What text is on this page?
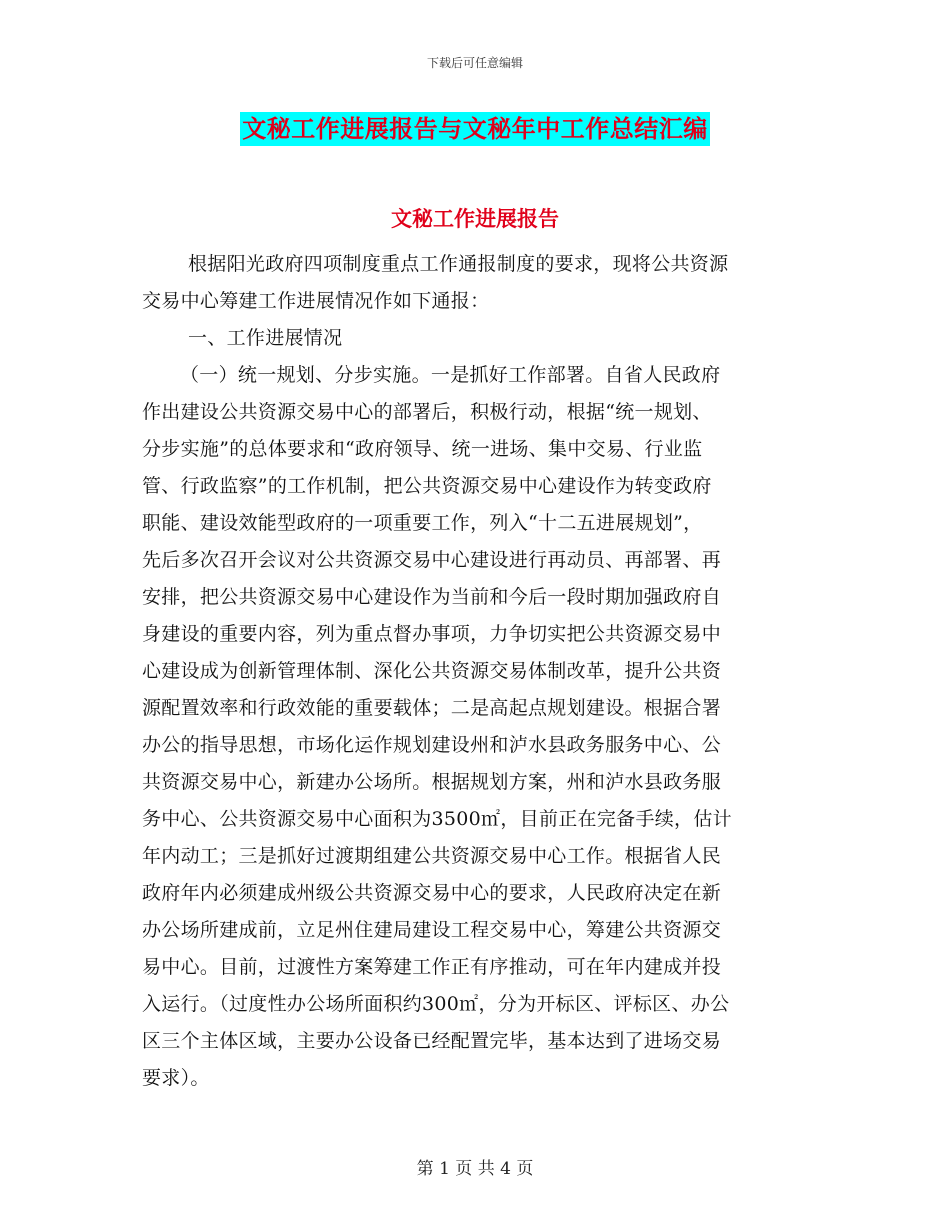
下载后可任意编辑
文秘工作进展报告与文秘年中工作总结汇编
文秘工作进展报告
根据阳光政府四项制度重点工作通报制度的要求，现将公共资源
交易中心筹建工作进展情况作如下通报：
一、工作进展情况
（一）统一规划、分步实施。一是抓好工作部署。自省人民政府
作出建设公共资源交易中心的部署后，积极行动，根据“统一规划、
分步实施”的总体要求和“政府领导、统一进场、集中交易、行业监
管、行政监察”的工作机制，把公共资源交易中心建设作为转变政府
职能、建设效能型政府的一项重要工作，列入“十二五进展规划”，
先后多次召开会议对公共资源交易中心建设进行再动员、再部署、再
安排，把公共资源交易中心建设作为当前和今后一段时期加强政府自
身建设的重要内容，列为重点督办事项，力争切实把公共资源交易中
心建设成为创新管理体制、深化公共资源交易体制改革，提升公共资
源配置效率和行政效能的重要载体；二是高起点规划建设。根据合署
办公的指导思想，市场化运作规划建设州和泸水县政务服务中心、公
共资源交易中心，新建办公场所。根据规划方案，州和泸水县政务服
务中心、公共资源交易中心面积为3500㎡，目前正在完备手续，估计
年内动工；三是抓好过渡期组建公共资源交易中心工作。根据省人民
政府年内必须建成州级公共资源交易中心的要求，人民政府决定在新
办公场所建成前，立足州住建局建设工程交易中心，筹建公共资源交
易中心。目前，过渡性方案筹建工作正有序推动，可在年内建成并投
入运行。（过度性办公场所面积约300㎡，分为开标区、评标区、办公
区三个主体区域，主要办公设备已经配置完毕，基本达到了进场交易
要求）。
第 1 页 共 4 页
